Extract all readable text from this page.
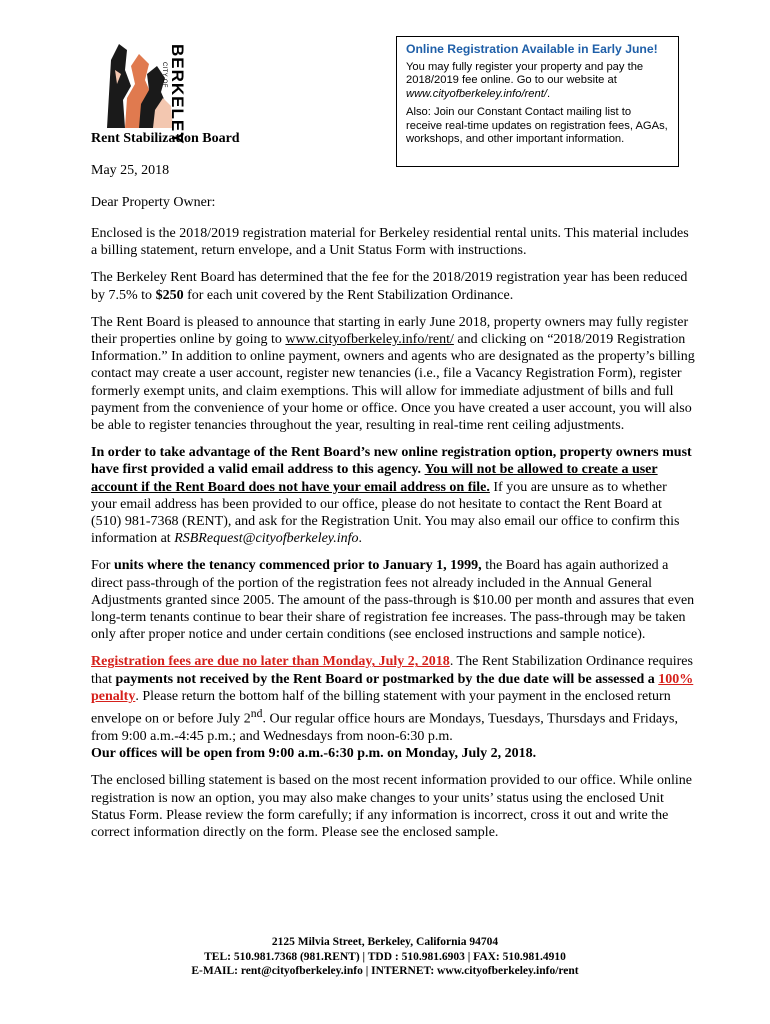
CITY OF BERKELEY
Rent Stabilization Board
Online Registration Available in Early June!

You may fully register your property and pay the 2018/2019 fee online. Go to our website at www.cityofberkeley.info/rent/.

Also: Join our Constant Contact mailing list to receive real-time updates on registration fees, AGAs, workshops, and other important information.

May 25, 2018
Dear Property Owner:

Enclosed is the 2018/2019 registration material for Berkeley residential rental units. This material includes a billing statement, return envelope, and a Unit Status Form with instructions.

The Berkeley Rent Board has determined that the fee for the 2018/2019 registration year has been reduced by 7.5% to $250 for each unit covered by the Rent Stabilization Ordinance.

The Rent Board is pleased to announce that starting in early June 2018, property owners may fully register their properties online by going to www.cityofberkeley.info/rent/ and clicking on “2018/2019 Registration Information.” In addition to online payment, owners and agents who are designated as the property’s billing contact may create a user account, register new tenancies (i.e., file a Vacancy Registration Form), register formerly exempt units, and claim exemptions. This will allow for immediate adjustment of bills and full payment from the convenience of your home or office. Once you have created a user account, you will also be able to register tenancies throughout the year, resulting in real-time rent ceiling adjustments.

In order to take advantage of the Rent Board’s new online registration option, property owners must have first provided a valid email address to this agency. You will not be allowed to create a user account if the Rent Board does not have your email address on file. If you are unsure as to whether your email address has been provided to our office, please do not hesitate to contact the Rent Board at (510) 981-7368 (RENT), and ask for the Registration Unit. You may also email our office to confirm this information at RSBRequest@cityofberkeley.info.

For units where the tenancy commenced prior to January 1, 1999, the Board has again authorized a direct pass-through of the portion of the registration fees not already included in the Annual General Adjustments granted since 2005. The amount of the pass-through is $10.00 per month and assures that even long-term tenants continue to bear their share of registration fee increases. The pass-through may be taken only after proper notice and under certain conditions (see enclosed instructions and sample notice).

Registration fees are due no later than Monday, July 2, 2018. The Rent Stabilization Ordinance requires that payments not received by the Rent Board or postmarked by the due date will be assessed a 100% penalty. Please return the bottom half of the billing statement with your payment in the enclosed return envelope on or before July 2nd. Our regular office hours are Mondays, Tuesdays, Thursdays and Fridays, from 9:00 a.m.-4:45 p.m.; and Wednesdays from noon-6:30 p.m.
Our offices will be open from 9:00 a.m.-6:30 p.m. on Monday, July 2, 2018.

The enclosed billing statement is based on the most recent information provided to our office. While online registration is now an option, you may also make changes to your units’ status using the enclosed Unit Status Form. Please review the form carefully; if any information is incorrect, cross it out and write the correct information directly on the form. Please see the enclosed sample.

2125 Milvia Street, Berkeley, California 94704
TEL: 510.981.7368 (981.RENT) | TDD : 510.981.6903 | FAX: 510.981.4910
E-MAIL: rent@cityofberkeley.info | INTERNET: www.cityofberkeley.info/rent
